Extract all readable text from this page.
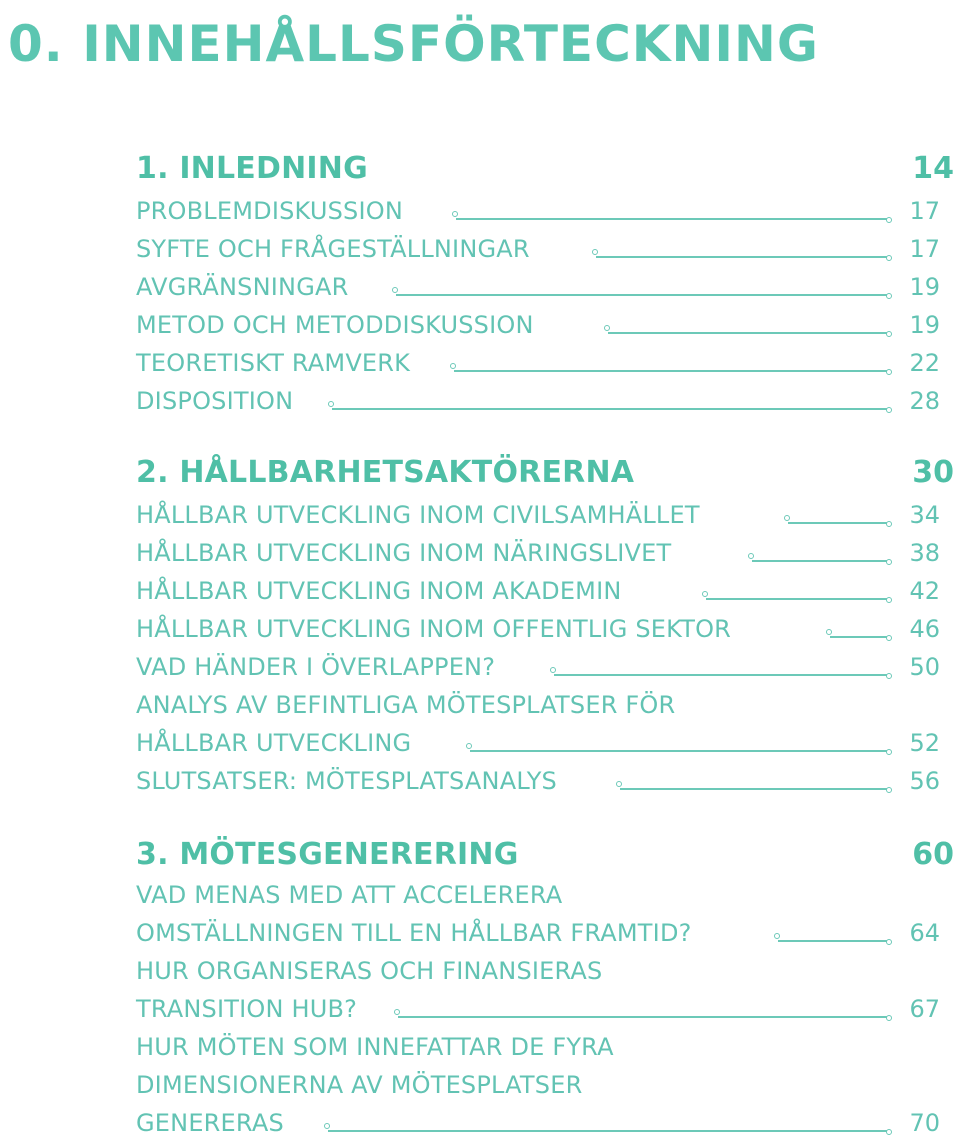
0. INNEHÅLLSFÖRTECKNING
1. INLEDNING	14
PROBLEMDISKUSSION	17
SYFTE OCH FRÅGESTÄLLNINGAR	17
AVGRÄNSNINGAR	19
METOD OCH METODDISKUSSION	19
TEORETISKT RAMVERK	22
DISPOSITION	28
2. HÅLLBARHETSAKTÖRERNA	30
HÅLLBAR UTVECKLING INOM CIVILSAMHÄLLET	34
HÅLLBAR UTVECKLING INOM NÄRINGSLIVET	38
HÅLLBAR UTVECKLING INOM AKADEMIN	42
HÅLLBAR UTVECKLING INOM OFFENTLIG SEKTOR	46
VAD HÄNDER I ÖVERLAPPEN?	50
ANALYS AV BEFINTLIGA MÖTESPLATSER FÖR
HÅLLBAR UTVECKLING	52
SLUTSATSER: MÖTESPLATSANALYS	56
3. MÖTESGENERERING	60
VAD MENAS MED ATT ACCELERERA
OMSTÄLLNINGEN TILL EN HÅLLBAR FRAMTID?	64
HUR ORGANISERAS OCH FINANSIERAS
TRANSITION HUB?	67
HUR MÖTEN SOM INNEFATTAR DE FYRA
DIMENSIONERNA AV MÖTESPLATSER
GENERERAS	70
